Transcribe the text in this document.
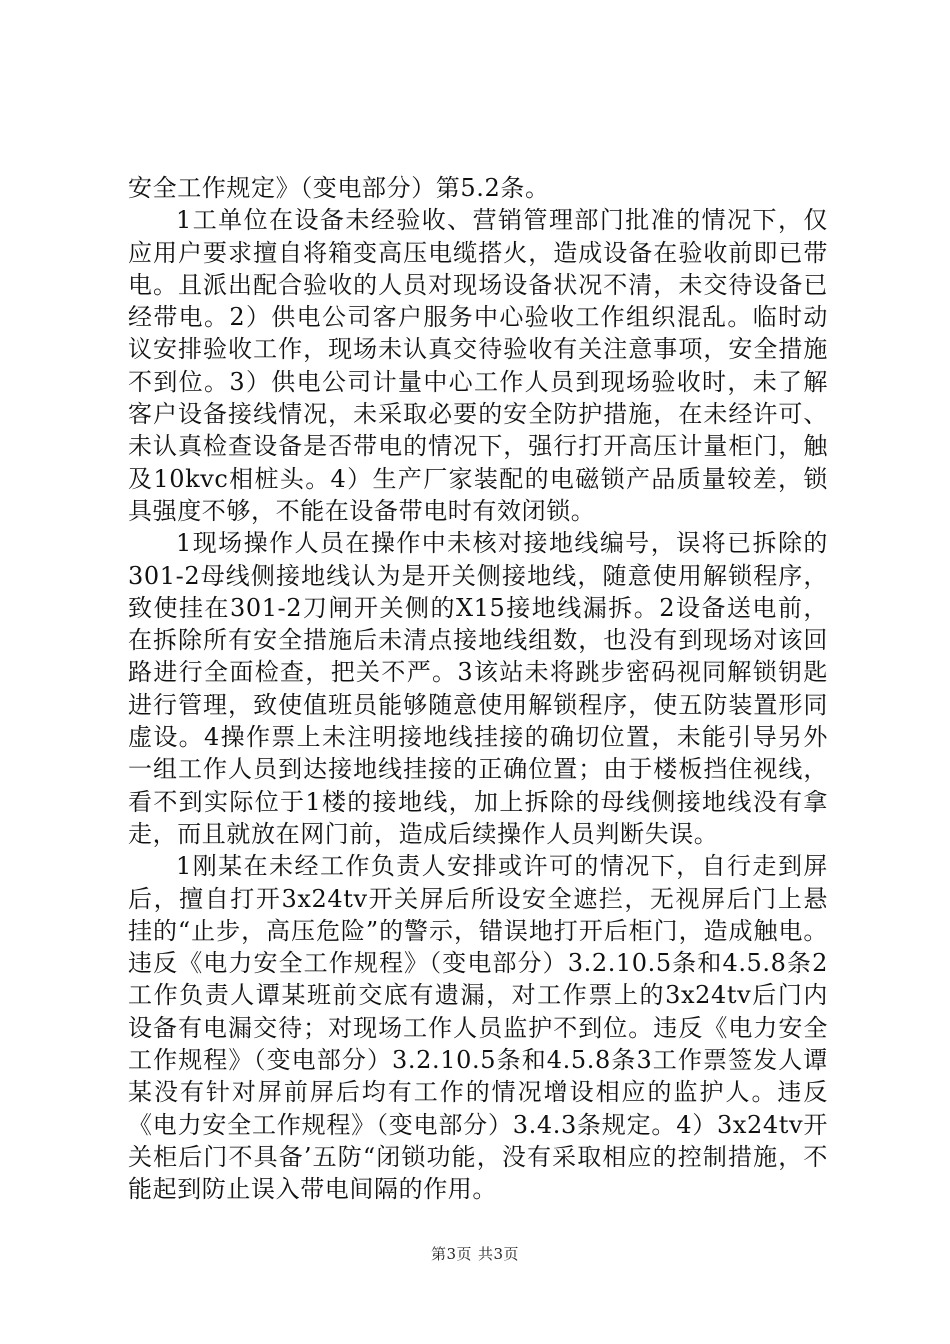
安全工作规定》（变电部分）第5.2条。

1工单位在设备未经验收、营销管理部门批准的情况下，仅应用户要求擅自将箱变高压电缆搭火，造成设备在验收前即已带电。且派出配合验收的人员对现场设备状况不清，未交待设备已经带电。2）供电公司客户服务中心验收工作组织混乱。临时动议安排验收工作，现场未认真交待验收有关注意事项，安全措施不到位。3）供电公司计量中心工作人员到现场验收时，未了解客户设备接线情况，未采取必要的安全防护措施，在未经许可、未认真检查设备是否带电的情况下，强行打开高压计量柜门，触及10kvc相桩头。4）生产厂家装配的电磁锁产品质量较差，锁具强度不够，不能在设备带电时有效闭锁。

1现场操作人员在操作中未核对接地线编号，误将已拆除的301-2母线侧接地线认为是开关侧接地线，随意使用解锁程序，致使挂在301-2刀闸开关侧的X15接地线漏拆。2设备送电前，在拆除所有安全措施后未清点接地线组数，也没有到现场对该回路进行全面检查，把关不严。3该站未将跳步密码视同解锁钥匙进行管理，致使值班员能够随意使用解锁程序，使五防装置形同虚设。4操作票上未注明接地线挂接的确切位置，未能引导另外一组工作人员到达接地线挂接的正确位置；由于楼板挡住视线，看不到实际位于1楼的接地线，加上拆除的母线侧接地线没有拿走，而且就放在网门前，造成后续操作人员判断失误。

1刚某在未经工作负责人安排或许可的情况下，自行走到屏后，擅自打开3x24tv开关屏后所设安全遮拦，无视屏后门上悬挂的“止步，高压危险”的警示，错误地打开后柜门，造成触电。违反《电力安全工作规程》（变电部分）3.2.10.5条和4.5.8条2工作负责人谭某班前交底有遗漏，对工作票上的3x24tv后门内设备有电漏交待；对现场工作人员监护不到位。违反《电力安全工作规程》（变电部分）3.2.10.5条和4.5.8条3工作票签发人谭某没有针对屏前屏后均有工作的情况增设相应的监护人。违反《电力安全工作规程》（变电部分）3.4.3条规定。4）3x24tv开关柜后门不具备’五防“闭锁功能，没有采取相应的控制措施，不能起到防止误入带电间隔的作用。

第3页 共3页
